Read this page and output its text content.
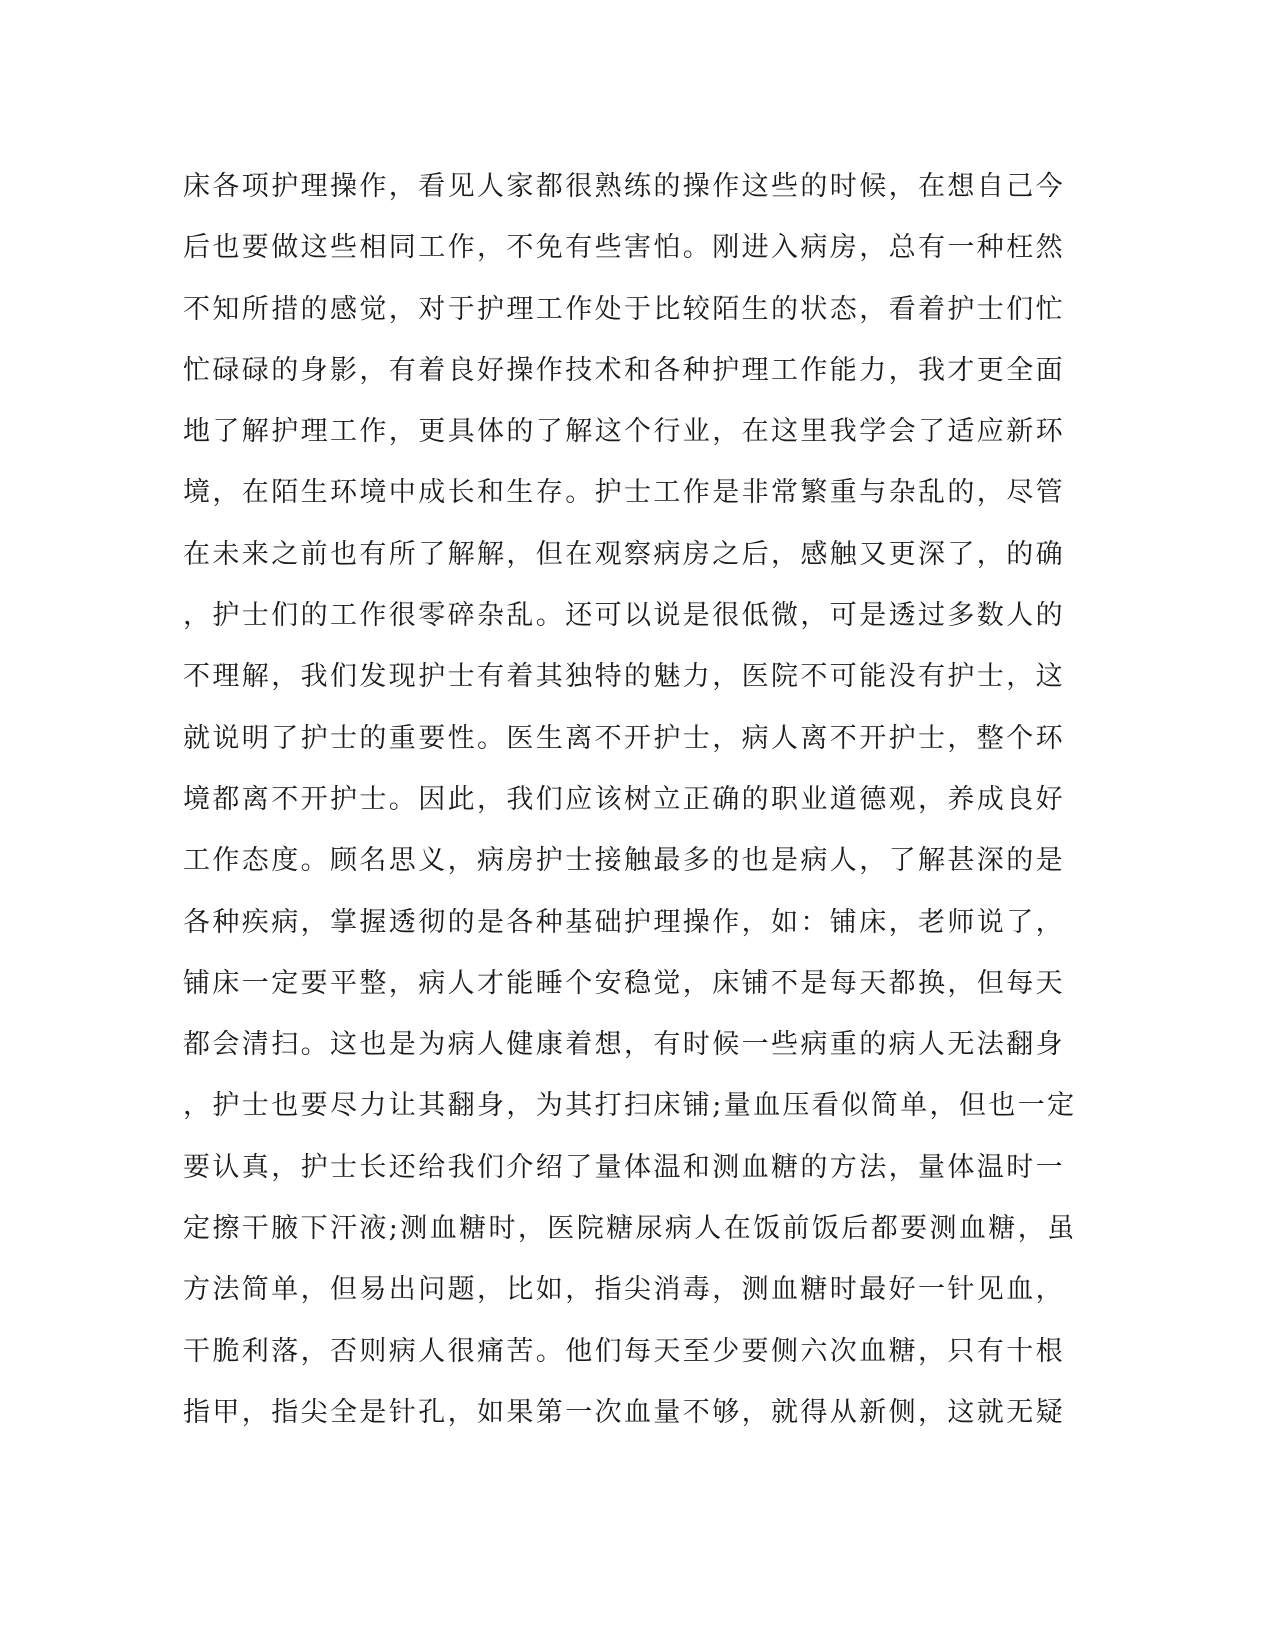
床各项护理操作，看见人家都很熟练的操作这些的时候，在想自己今
后也要做这些相同工作，不免有些害怕。刚进入病房，总有一种枉然
不知所措的感觉，对于护理工作处于比较陌生的状态，看着护士们忙
忙碌碌的身影，有着良好操作技术和各种护理工作能力，我才更全面
地了解护理工作，更具体的了解这个行业，在这里我学会了适应新环
境，在陌生环境中成长和生存。护士工作是非常繁重与杂乱的，尽管
在未来之前也有所了解解，但在观察病房之后，感触又更深了，的确
，护士们的工作很零碎杂乱。还可以说是很低微，可是透过多数人的
不理解，我们发现护士有着其独特的魅力，医院不可能没有护士，这
就说明了护士的重要性。医生离不开护士，病人离不开护士，整个环
境都离不开护士。因此，我们应该树立正确的职业道德观，养成良好
工作态度。顾名思义，病房护士接触最多的也是病人，了解甚深的是
各种疾病，掌握透彻的是各种基础护理操作，如：铺床，老师说了，
铺床一定要平整，病人才能睡个安稳觉，床铺不是每天都换，但每天
都会清扫。这也是为病人健康着想，有时候一些病重的病人无法翻身
，护士也要尽力让其翻身，为其打扫床铺;量血压看似简单，但也一定
要认真，护士长还给我们介绍了量体温和测血糖的方法，量体温时一
定擦干腋下汗液;测血糖时，医院糖尿病人在饭前饭后都要测血糖，虽
方法简单，但易出问题，比如，指尖消毒，测血糖时最好一针见血，
干脆利落，否则病人很痛苦。他们每天至少要侧六次血糖，只有十根
指甲，指尖全是针孔，如果第一次血量不够，就得从新侧，这就无疑
